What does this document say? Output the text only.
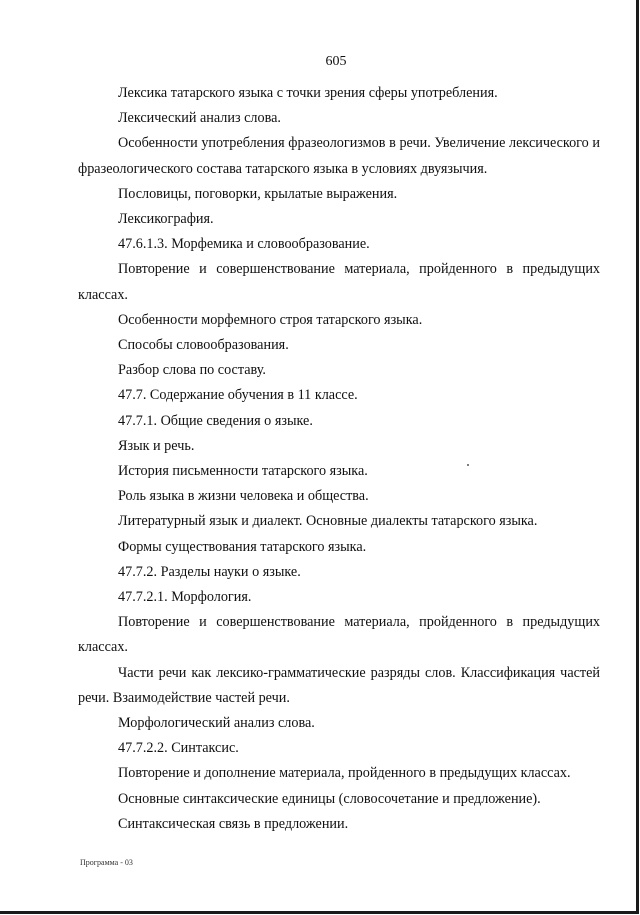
605

Лексика татарского языка с точки зрения сферы употребления.

Лексический анализ слова.

Особенности употребления фразеологизмов в речи. Увеличение лексического и фразеологического состава татарского языка в условиях двуязычия.

Пословицы, поговорки, крылатые выражения.

Лексикография.

47.6.1.3. Морфемика и словообразование.

Повторение и совершенствование материала, пройденного в предыдущих классах.

Особенности морфемного строя татарского языка.

Способы словообразования.

Разбор слова по составу.

47.7. Содержание обучения в 11 классе.

47.7.1. Общие сведения о языке.

Язык и речь.

История письменности татарского языка.

Роль языка в жизни человека и общества.

Литературный язык и диалект. Основные диалекты татарского языка.

Формы существования татарского языка.

47.7.2. Разделы науки о языке.

47.7.2.1. Морфология.

Повторение и совершенствование материала, пройденного в предыдущих классах.

Части речи как лексико-грамматические разряды слов. Классификация частей речи. Взаимодействие частей речи.

Морфологический анализ слова.

47.7.2.2. Синтаксис.

Повторение и дополнение материала, пройденного в предыдущих классах.

Основные синтаксические единицы (словосочетание и предложение).

Синтаксическая связь в предложении.

Программа - 03
